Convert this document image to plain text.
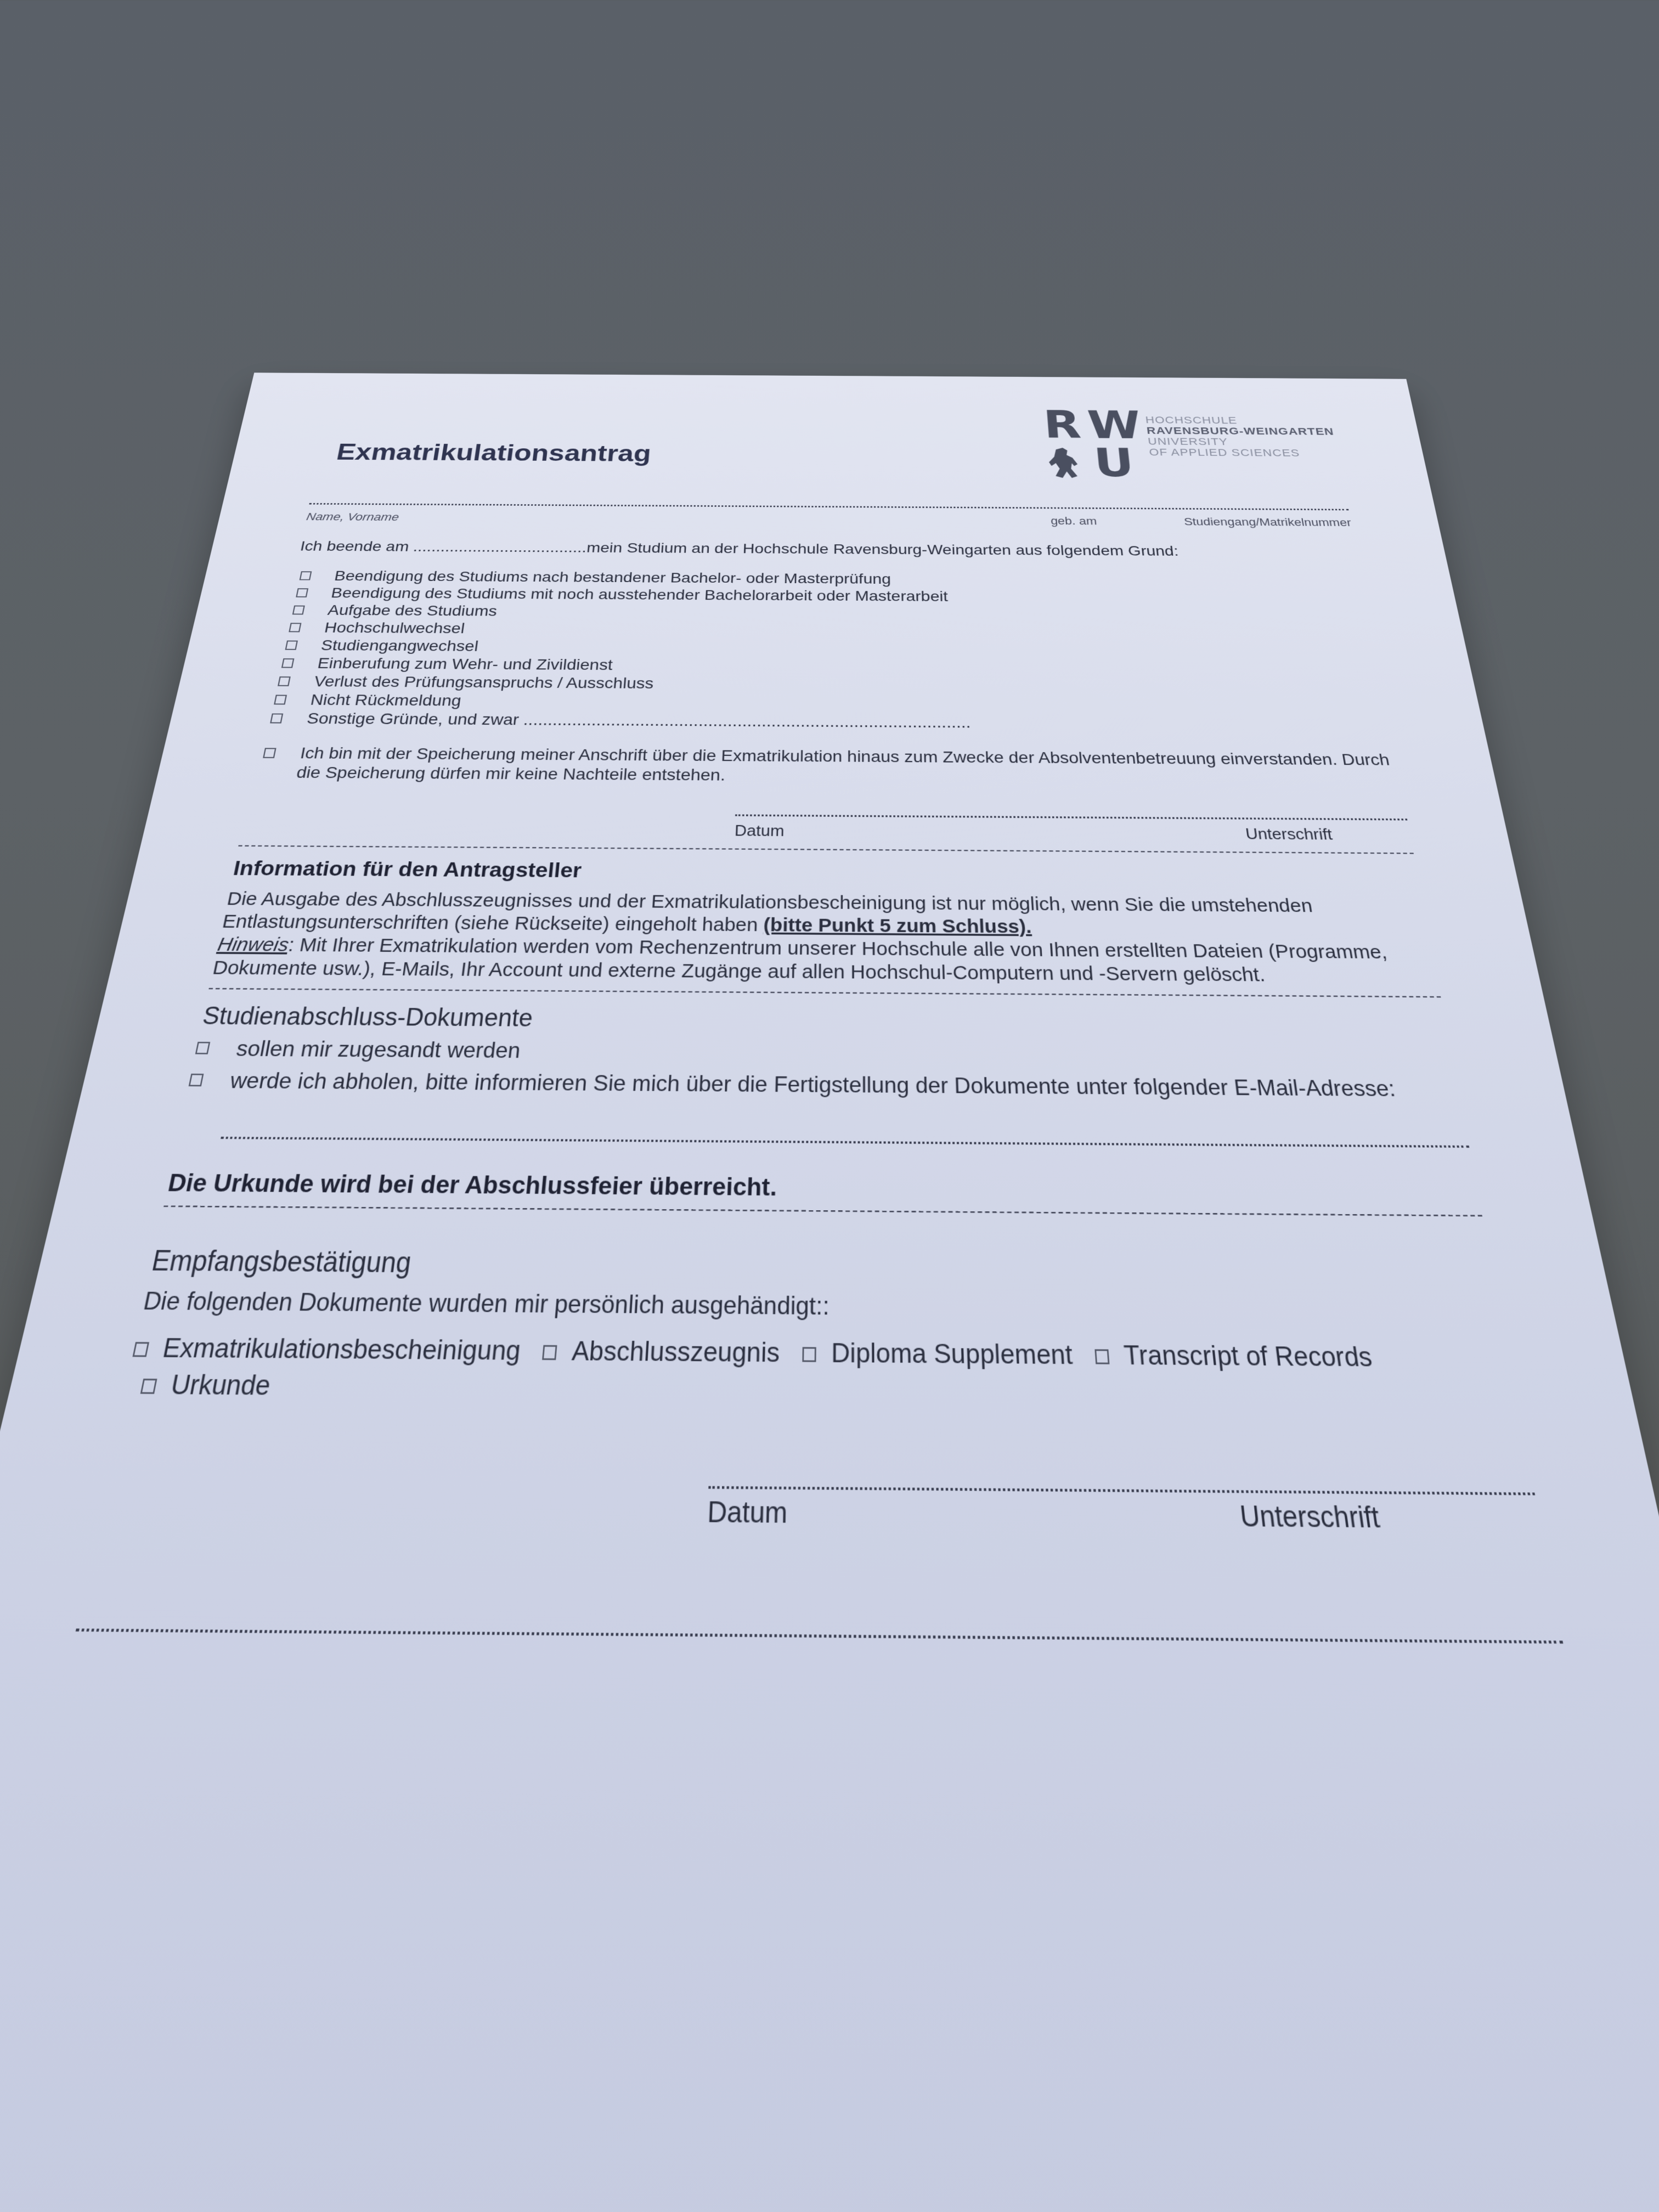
R W
U
HOCHSCHULE
RAVENSBURG-WEINGARTEN
UNIVERSITY
OF APPLIED SCIENCES
Exmatrikulationsantrag
Name, Vorname	geb. am	Studiengang/Matrikelnummer
Ich beende am ......................................mein Studium an der Hochschule Ravensburg-Weingarten aus folgendem Grund:
Beendigung des Studiums nach bestandener Bachelor- oder Masterprüfung
Beendigung des Studiums mit noch ausstehender Bachelorarbeit oder Masterarbeit
Aufgabe des Studiums
Hochschulwechsel
Studiengangwechsel
Einberufung zum Wehr- und Zivildienst
Verlust des Prüfungsanspruchs / Ausschluss
Nicht Rückmeldung
Sonstige Gründe, und zwar ............................................................................................
Ich bin mit der Speicherung meiner Anschrift über die Exmatrikulation hinaus zum Zwecke der Absolventenbetreuung einverstanden. Durch die Speicherung dürfen mir keine Nachteile entstehen.
Datum	Unterschrift
Information für den Antragsteller
Die Ausgabe des Abschlusszeugnisses und der Exmatrikulationsbescheinigung ist nur möglich, wenn Sie die umstehenden Entlastungsunterschriften (siehe Rückseite) eingeholt haben (bitte Punkt 5 zum Schluss).
Hinweis: Mit Ihrer Exmatrikulation werden vom Rechenzentrum unserer Hochschule alle von Ihnen erstellten Dateien (Programme, Dokumente usw.), E-Mails, Ihr Account und externe Zugänge auf allen Hochschul-Computern und -Servern gelöscht.
Studienabschluss-Dokumente
sollen mir zugesandt werden
werde ich abholen, bitte informieren Sie mich über die Fertigstellung der Dokumente unter folgender E-Mail-Adresse:
Die Urkunde wird bei der Abschlussfeier überreicht.
Empfangsbestätigung
Die folgenden Dokumente wurden mir persönlich ausgehändigt::
Exmatrikulationsbescheinigung	Abschlusszeugnis	Diploma Supplement	Transcript of Records Urkunde
Datum	Unterschrift
